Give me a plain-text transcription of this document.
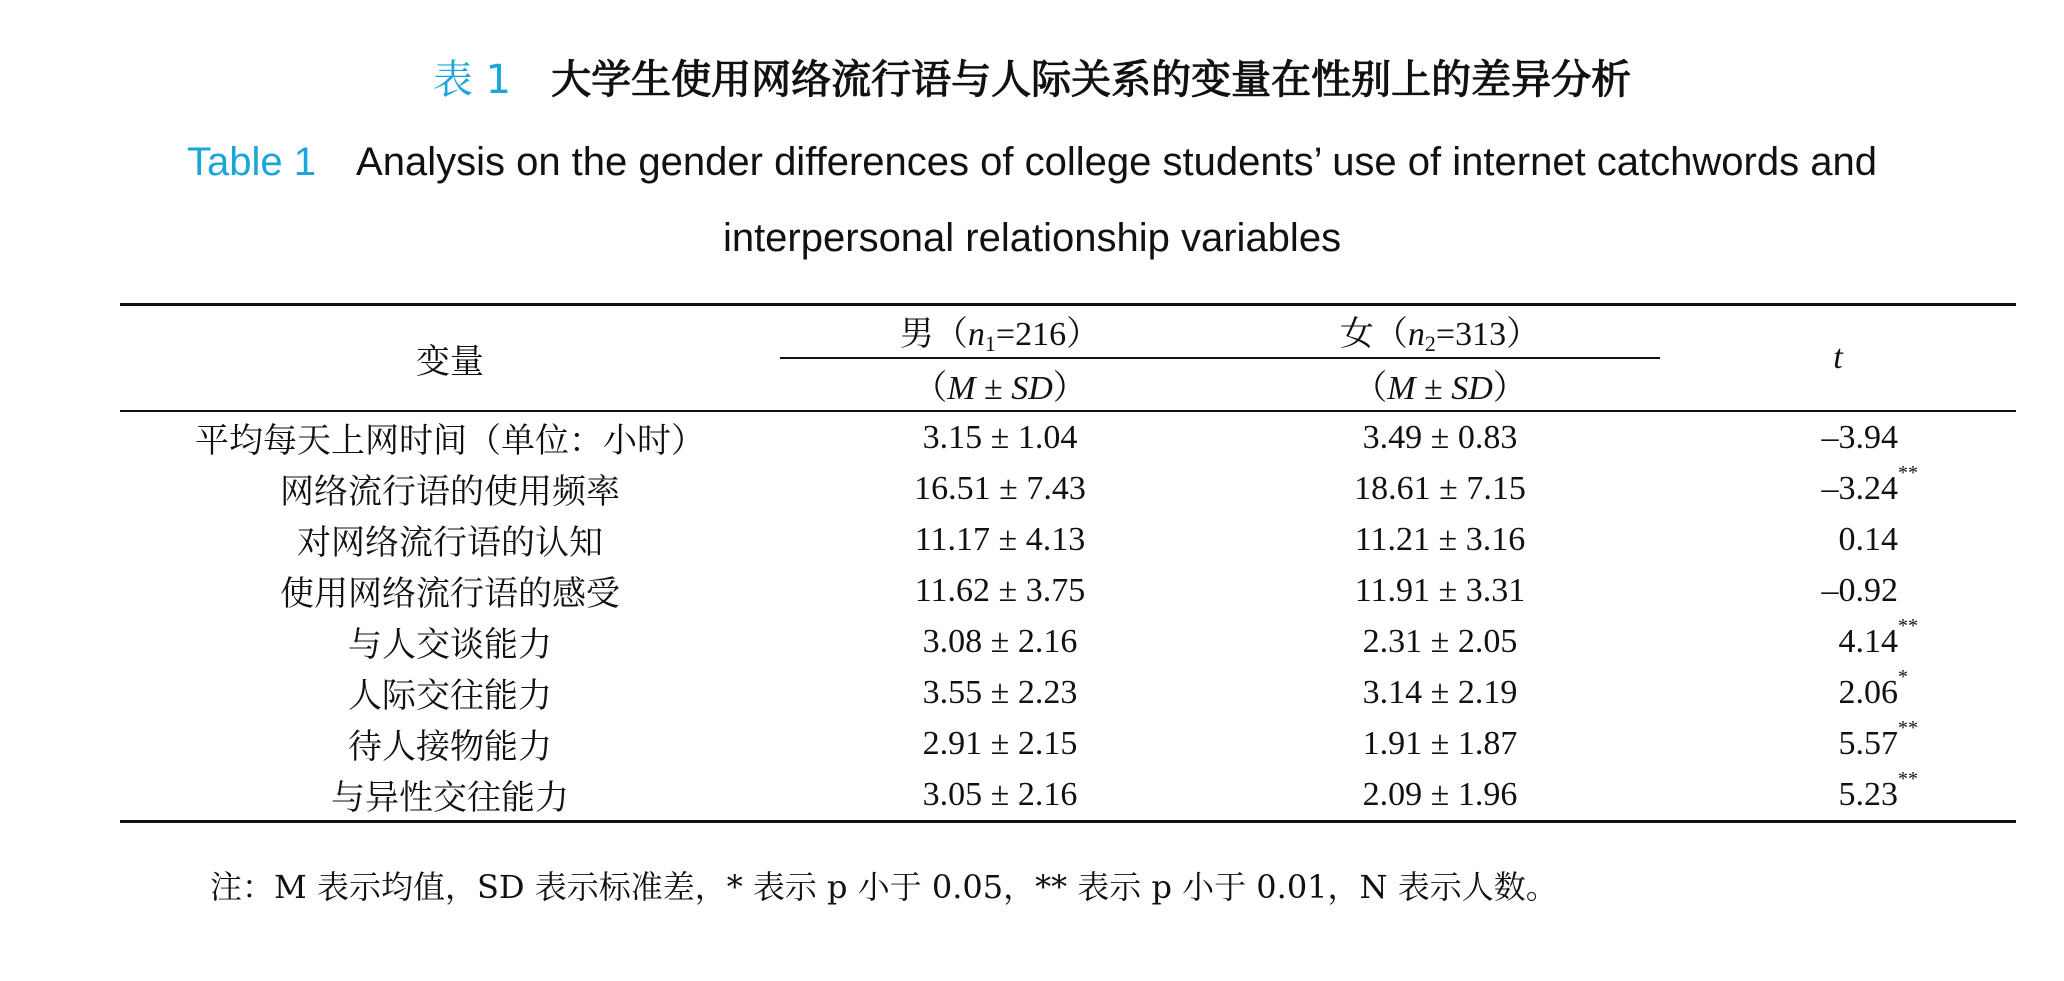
表 1 大学生使用网络流行语与人际关系的变量在性别上的差异分析
Table 1 Analysis on the gender differences of college students’ use of internet catchwords and interpersonal relationship variables
变量	男$(n_1=216)$	女$(n_2=313)$	t
	（M ± SD）	（M ± SD）	
平均每天上网时间（单位：小时）	3.15 ± 1.04	3.49 ± 0.83	–3.94

网络流行语的使用频率	16.51 ± 7.43	18.61 ± 7.15	–3.24 **

对网络流行语的认知	11.17 ± 4.13	11.21 ± 3.16	0.14

使用网络流行语的感受	11.62 ± 3.75	11.91 ± 3.31	–0.92

与人交谈能力	3.08 ± 2.16	2.31 ± 2.05	4.14 **

人际交往能力	3.55 ± 2.23	3.14 ± 2.19	2.06 *

待人接物能力	2.91 ± 2.15	1.91 ± 1.87	5.57 **

与异性交往能力	3.05 ± 2.16	2.09 ± 1.96	5.23 **
注：M 表示均值，SD 表示标准差，* 表示 p 小于 0.05，** 表示 p 小于 0.01，N 表示人数。
